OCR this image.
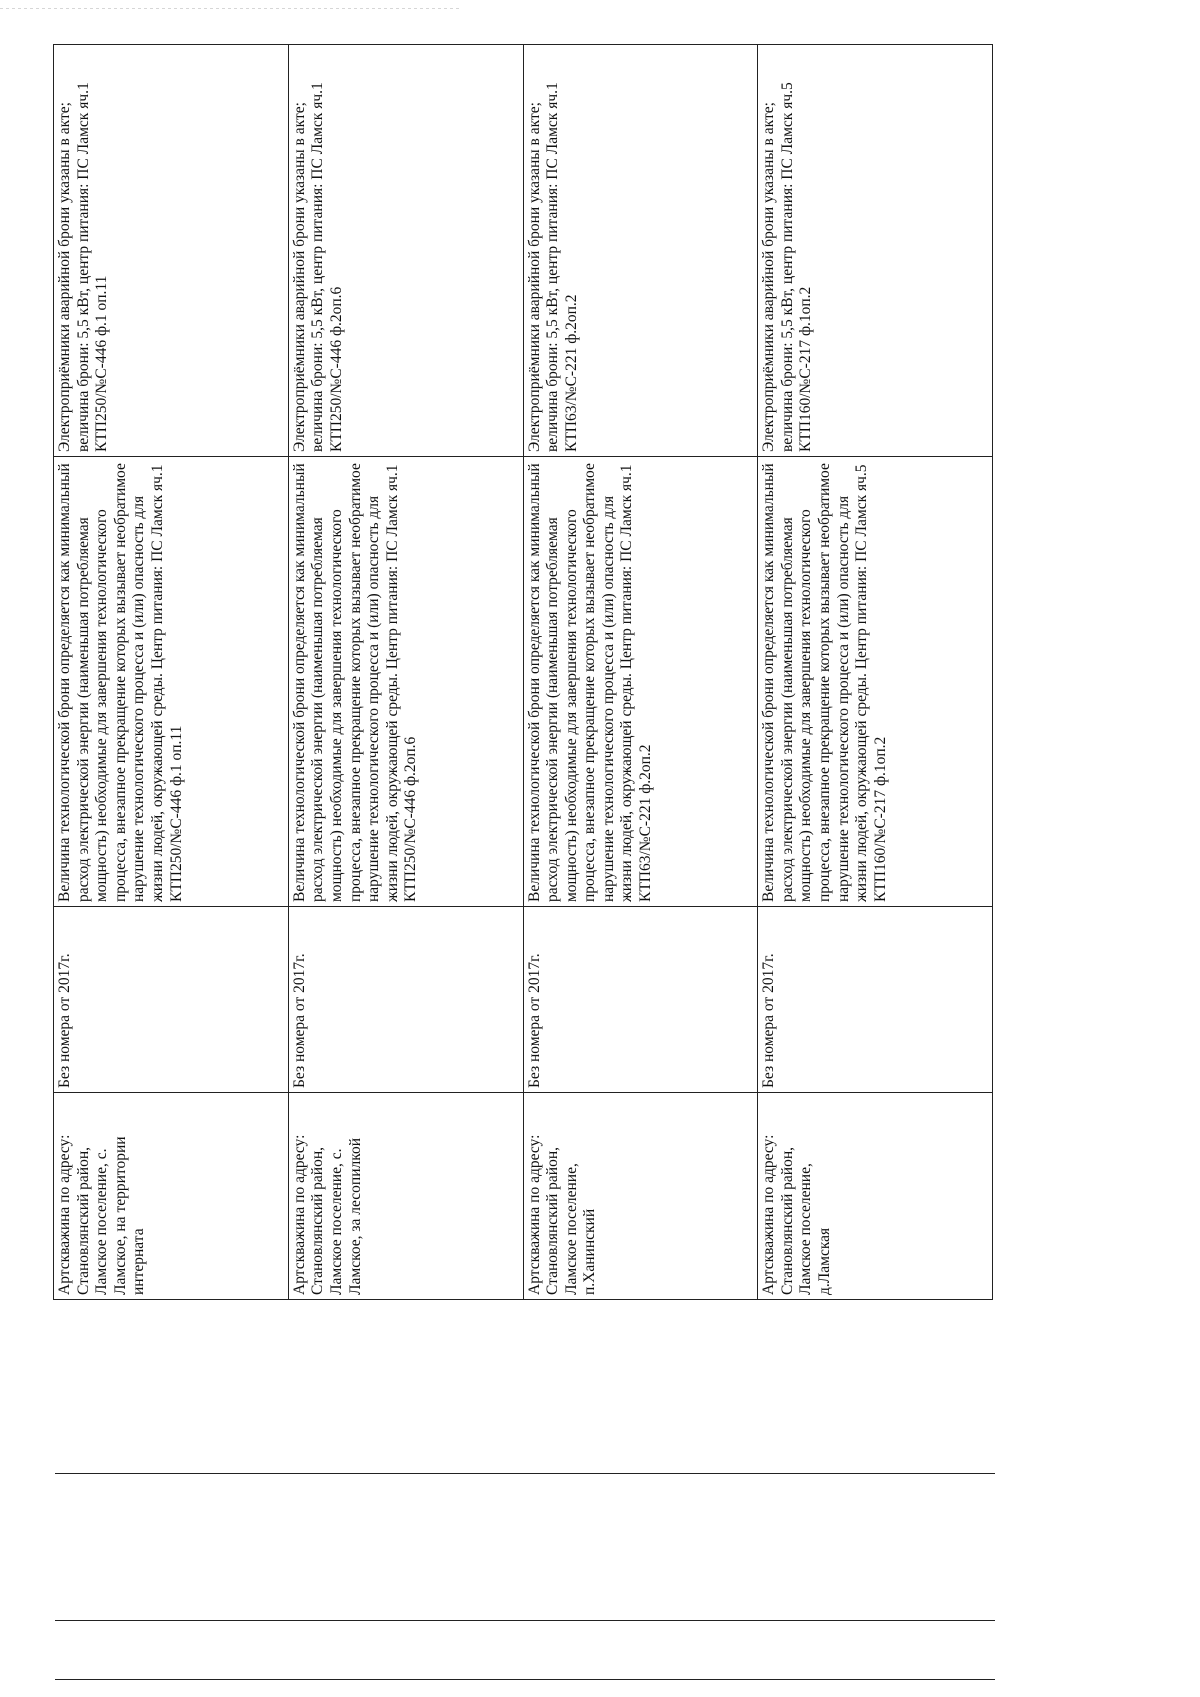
Артскважина по адресу: Становлянский район, Ламское поселение, с. Ламское, на территории интерната	Без номера от 2017г.	Величина технологической брони определяется как минимальный расход электрической энергии (наименьшая потребляемая мощность) необходимые для завершения технологического процесса, внезапное прекращение которых вызывает необратимое нарушение технологического процесса и (или) опасность для жизни людей, окружающей среды. Центр питания: ПС Ламск яч.1 КТП250/№С-446 ф.1 оп.11	Электроприёмники аварийной брони указаны в акте; величина брони: 5,5 кВт, центр питания: ПС Ламск яч.1 КТП250/№С-446 ф.1 оп.11
Артскважина по адресу: Становлянский район, Ламское поселение, с. Ламское, за лесопилкой	Без номера от 2017г.	Величина технологической брони определяется как минимальный расход электрической энергии (наименьшая потребляемая мощность) необходимые для завершения технологического процесса, внезапное прекращение которых вызывает необратимое нарушение технологического процесса и (или) опасность для жизни людей, окружающей среды. Центр питания: ПС Ламск яч.1 КТП250/№С-446 ф.2оп.6	Электроприёмники аварийной брони указаны в акте; величина брони: 5,5 кВт, центр питания: ПС Ламск яч.1 КТП250/№С-446 ф.2оп.6
Артскважина по адресу: Становлянский район, Ламское поселение, п.Ханинский	Без номера от 2017г.	Величина технологической брони определяется как минимальный расход электрической энергии (наименьшая потребляемая мощность) необходимые для завершения технологического процесса, внезапное прекращение которых вызывает необратимое нарушение технологического процесса и (или) опасность для жизни людей, окружающей среды. Центр питания: ПС Ламск яч.1 КТП63/№С-221 ф.2оп.2	Электроприёмники аварийной брони указаны в акте; величина брони: 5,5 кВт, центр питания: ПС Ламск яч.1 КТП63/№С-221 ф.2оп.2
Артскважина по адресу: Становлянский район, Ламское поселение, д.Ламская	Без номера от 2017г.	Величина технологической брони определяется как минимальный расход электрической энергии (наименьшая потребляемая мощность) необходимые для завершения технологического процесса, внезапное прекращение которых вызывает необратимое нарушение технологического процесса и (или) опасность для жизни людей, окружающей среды. Центр питания: ПС Ламск яч.5 КТП160/№С-217 ф.1оп.2	Электроприёмники аварийной брони указаны в акте; величина брони: 5,5 кВт, центр питания: ПС Ламск яч.5 КТП160/№С-217 ф.1оп.2
